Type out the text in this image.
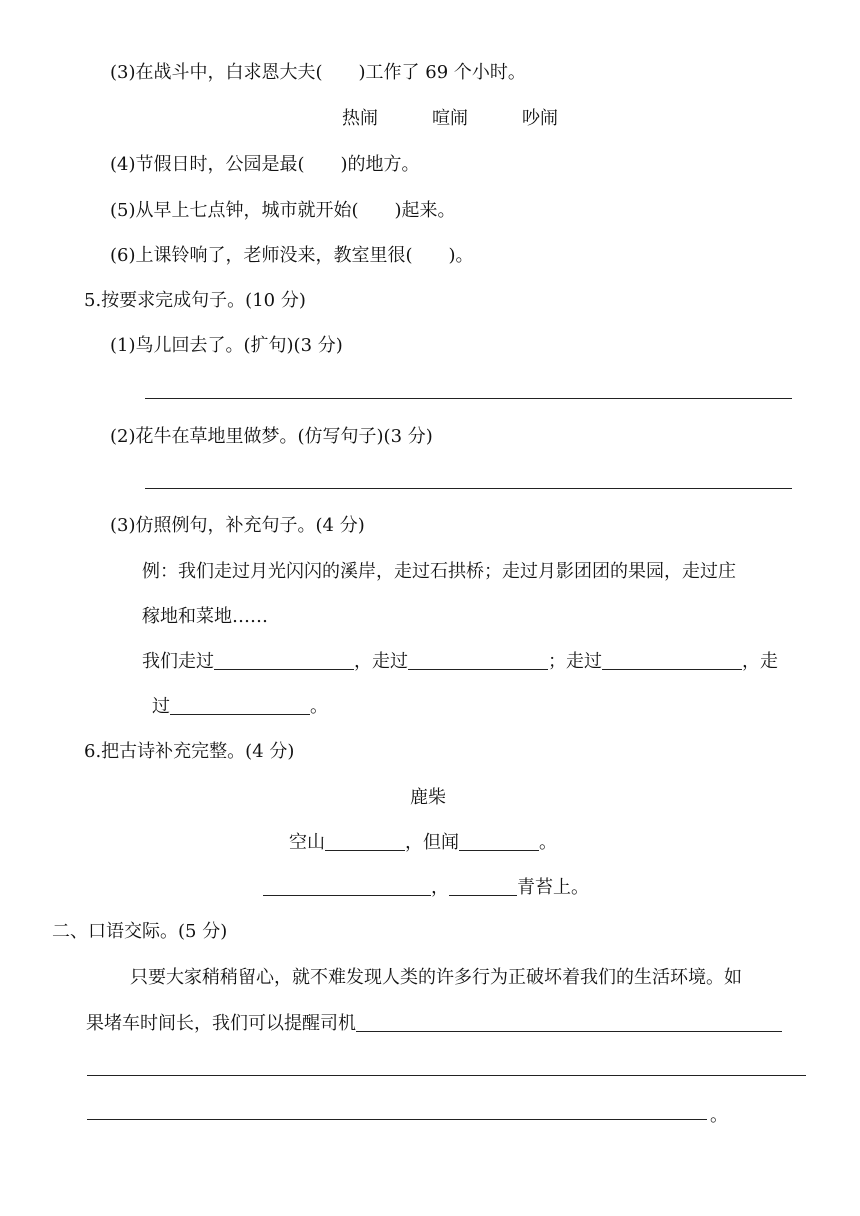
(3)在战斗中，白求恩大夫(　　)工作了 69 个小时。
热闹	喧闹	吵闹
(4)节假日时，公园是最(　　)的地方。
(5)从早上七点钟，城市就开始(　　)起来。
(6)上课铃响了，老师没来，教室里很(　　)。
5.按要求完成句子。(10 分)
(1)鸟儿回去了。(扩句)(3 分)
(2)花牛在草地里做梦。(仿写句子)(3 分)
(3)仿照例句，补充句子。(4 分)
例：我们走过月光闪闪的溪岸，走过石拱桥；走过月影团团的果园，走过庄
稼地和菜地……
我们走过	，走过	；走过	，走
过	。
6.把古诗补充完整。(4 分)
鹿柴
空山	，但闻	。
，	青苔上。
二、口语交际。(5 分)
只要大家稍稍留心，就不难发现人类的许多行为正破坏着我们的生活环境。如
果堵车时间长，我们可以提醒司机
。
